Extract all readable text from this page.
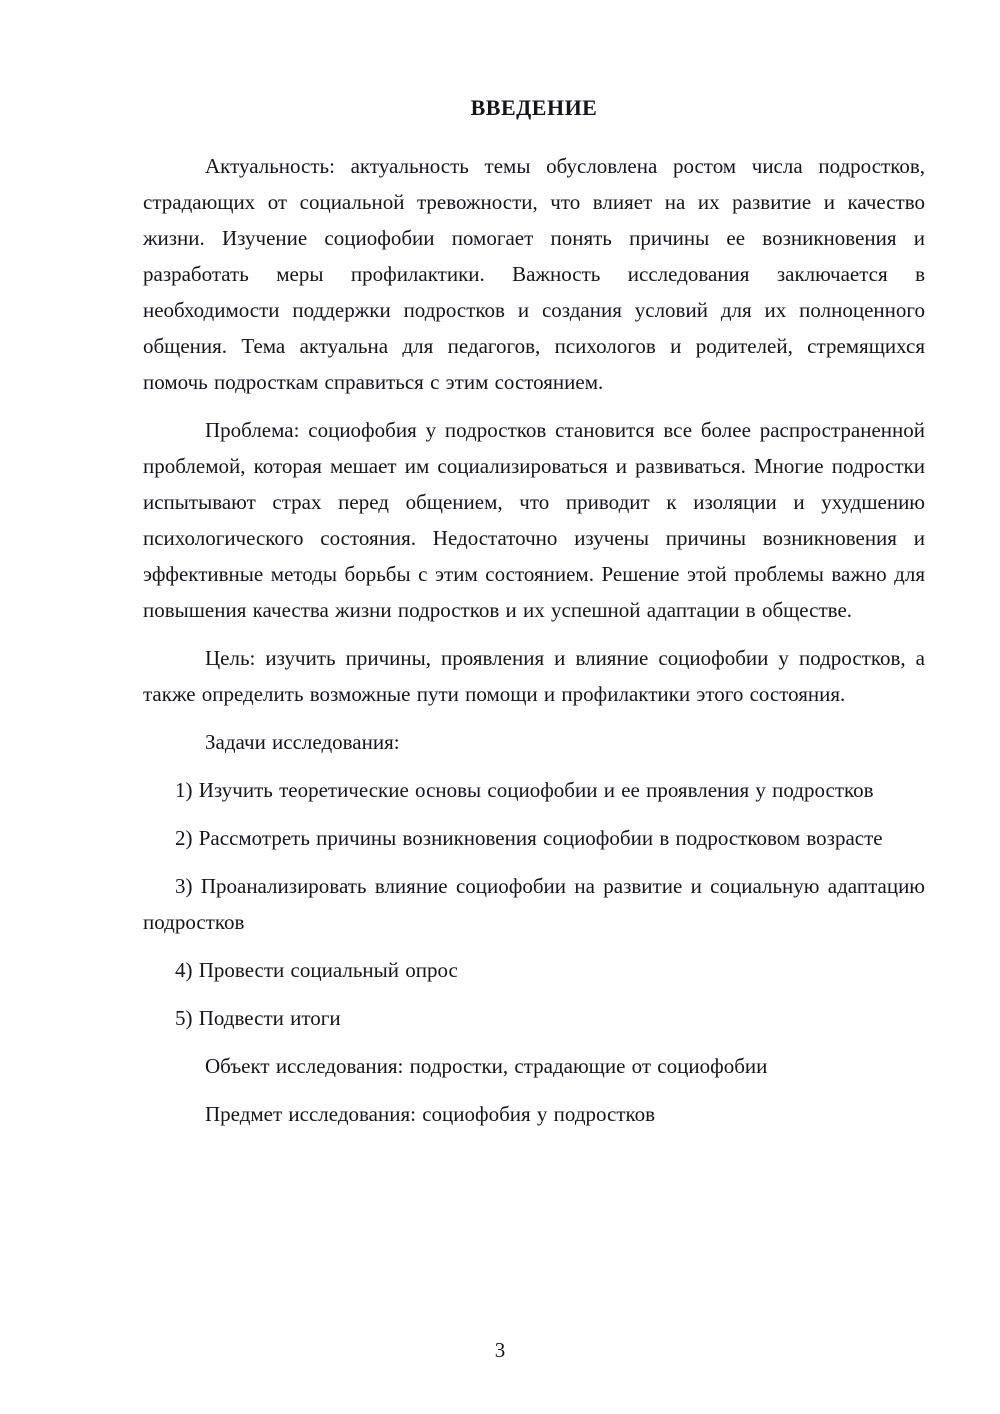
ВВЕДЕНИЕ

Актуальность: актуальность темы обусловлена ростом числа подростков, страдающих от социальной тревожности, что влияет на их развитие и качество жизни. Изучение социофобии помогает понять причины ее возникновения и разработать меры профилактики. Важность исследования заключается в необходимости поддержки подростков и создания условий для их полноценного общения. Тема актуальна для педагогов, психологов и родителей, стремящихся помочь подросткам справиться с этим состоянием.

Проблема: социофобия у подростков становится все более распространенной проблемой, которая мешает им социализироваться и развиваться. Многие подростки испытывают страх перед общением, что приводит к изоляции и ухудшению психологического состояния. Недостаточно изучены причины возникновения и эффективные методы борьбы с этим состоянием. Решение этой проблемы важно для повышения качества жизни подростков и их успешной адаптации в обществе.

Цель: изучить причины, проявления и влияние социофобии у подростков, а также определить возможные пути помощи и профилактики этого состояния.

Задачи исследования:

1) Изучить теоретические основы социофобии и ее проявления у подростков

2) Рассмотреть причины возникновения социофобии в подростковом возрасте

3) Проанализировать влияние социофобии на развитие и социальную адаптацию подростков

4) Провести социальный опрос

5) Подвести итоги

Объект исследования: подростки, страдающие от социофобии

Предмет исследования: социофобия у подростков

3
